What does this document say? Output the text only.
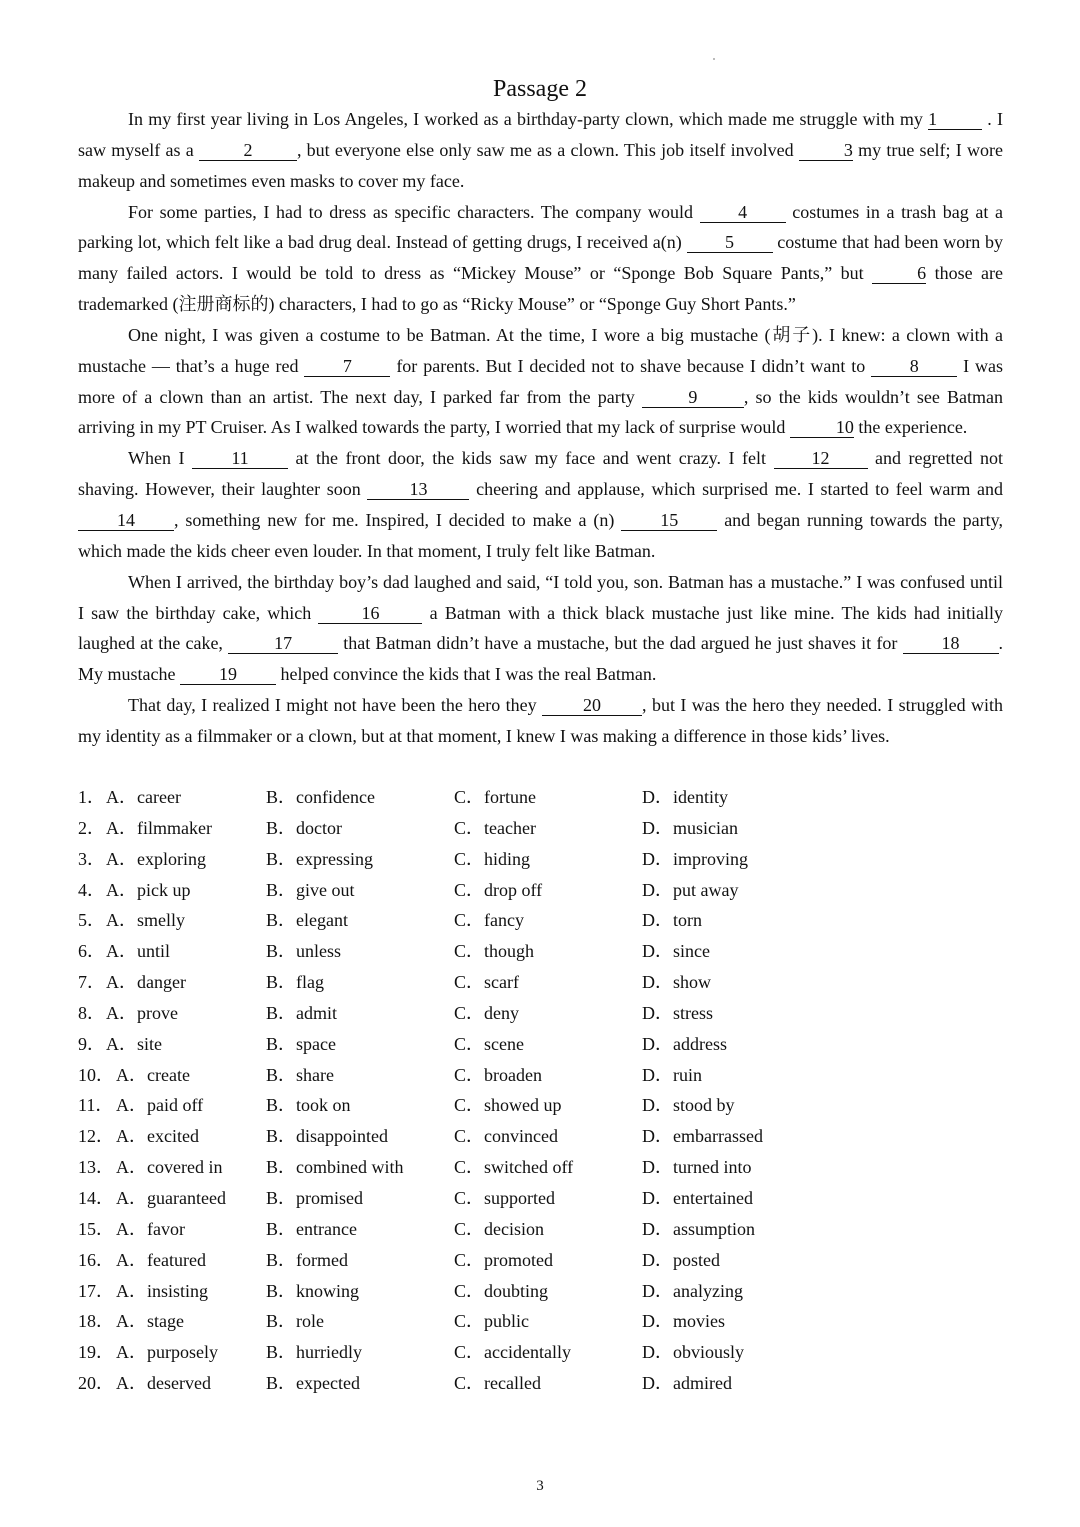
Passage 2

In my first year living in Los Angeles, I worked as a birthday-party clown, which made me struggle with my 1	. I saw myself as a 2 , but everyone else only saw me as a clown. This job itself involved	3 my true self; I wore makeup and sometimes even masks to cover my face.

For some parties, I had to dress as specific characters. The company would 4 costumes in a trash bag at a parking lot, which felt like a bad drug deal. Instead of getting drugs, I received a(n) 5 costume that had been worn by many failed actors. I would be told to dress as “Mickey Mouse” or “Sponge Bob Square Pants,” but	6 those are trademarked (注册商标的) characters, I had to go as “Ricky Mouse” or “Sponge Guy Short Pants.”

One night, I was given a costume to be Batman. At the time, I wore a big mustache (胡子). I knew: a clown with a mustache — that’s a huge red 7 for parents. But I decided not to shave because I didn’t want to 8 I was more of a clown than an artist. The next day, I parked far from the party	9	, so the kids wouldn’t see Batman arriving in my PT Cruiser. As I walked towards the party, I worried that my lack of surprise would	10 the experience.

When I 11 at the front door, the kids saw my face and went crazy. I felt 12 and regretted not shaving. However, their laughter soon 13 cheering and applause, which surprised me. I started to feel warm and 14 , something new for me. Inspired, I decided to make a (n) 15 and began running towards the party, which made the kids cheer even louder. In that moment, I truly felt like Batman.

When I arrived, the birthday boy’s dad laughed and said, “I told you, son. Batman has a mustache.” I was confused until I saw the birthday cake, which 16 a Batman with a thick black mustache just like mine. The kids had initially laughed at the cake,	17	that Batman didn’t have a mustache, but the dad argued he just shaves it for 18 . My mustache 19 helped convince the kids that I was the real Batman.

That day, I realized I might not have been the hero they 20 , but I was the hero they needed. I struggled with my identity as a filmmaker or a clown, but at that moment, I knew I was making a difference in those kids’ lives.

1． A．career	B．confidence	C．fortune	D．identity
2． A．filmmaker	B．doctor	C．teacher	D．musician
3． A．exploring	B．expressing	C．hiding	D．improving
4． A．pick up	B．give out	C．drop off	D．put away
5． A．smelly	B．elegant	C．fancy	D．torn
6． A．until	B．unless	C．though	D．since
7． A．danger	B．flag	C．scarf	D．show
8． A．prove	B．admit	C．deny	D．stress
9． A．site	B．space	C．scene	D．address
10． A．create	B．share	C．broaden	D．ruin
11． A．paid off	B．took on	C．showed up	D．stood by
12． A．excited	B．disappointed	C．convinced	D．embarrassed
13． A．covered in B．combined with	C．switched off	D．turned into
14． A．guaranteed B．promised	C．supported	D．entertained
15． A．favor	B．entrance	C．decision	D．assumption
16． A．featured	B．formed	C．promoted	D．posted
17． A．insisting	B．knowing	C．doubting	D．analyzing
18． A．stage	B．role	C．public	D．movies
19． A．purposely	B．hurriedly	C．accidentally	D．obviously
20． A．deserved	B．expected	C．recalled	D．admired
3
